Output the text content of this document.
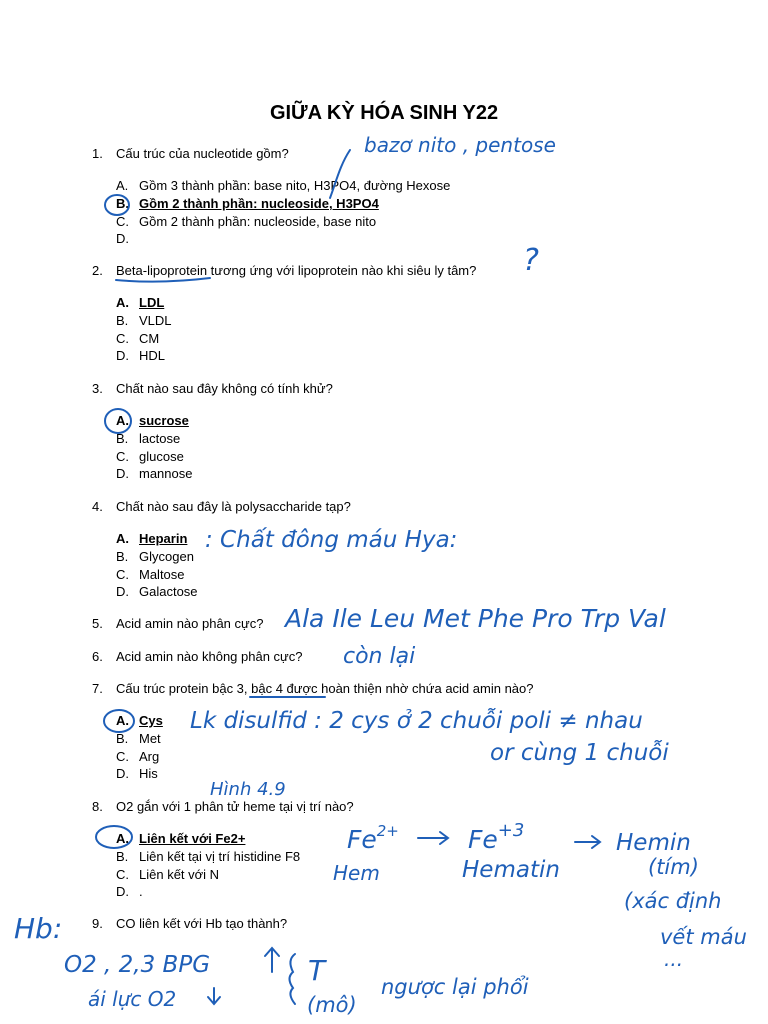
GIỮA KỲ HÓA SINH Y22
1. Cấu trúc của nucleotide gồm?
A. Gồm 3 thành phần: base nito, H3PO4, đường Hexose
B. Gồm 2 thành phần: nucleoside, H3PO4
C. Gồm 2 thành phần: nucleoside, base nito
D.
2. Beta-lipoprotein tương ứng với lipoprotein nào khi siêu ly tâm?
A. LDL
B. VLDL
C. CM
D. HDL
3. Chất nào sau đây không có tính khử?
A. sucrose
B. lactose
C. glucose
D. mannose
4. Chất nào sau đây là polysaccharide tạp?
A. Heparin
B. Glycogen
C. Maltose
D. Galactose
5. Acid amin nào phân cực?
6. Acid amin nào không phân cực?
7. Cấu trúc protein bậc 3, bậc 4 được hoàn thiện nhờ chứa acid amin nào?
A. Cys
B. Met
C. Arg
D. His
8. O2 gắn với 1 phân tử heme tại vị trí nào?
A. Liên kết với Fe2+
B. Liên kết tại vị trí histidine F8
C. Liên kết với N
D. .
9. CO liên kết với Hb tạo thành?
bazơ nito , pentose
?
: Chất đông máu Hya:
Ala Ile Leu Met Phe Pro Trp Val
còn lại
Lk disulfid : 2 cys ở 2 chuỗi poli ≠ nhau
or cùng 1 chuỗi
Hình 4.9
$Fe^{2+}$	$Fe^{+3}$	Hemin
Hem	Hematin	(tím)
(xác định
vết máu
...
Hb:
O2 , 2,3 BPG
ái lực O2
T
(mô)
ngược lại phổi
